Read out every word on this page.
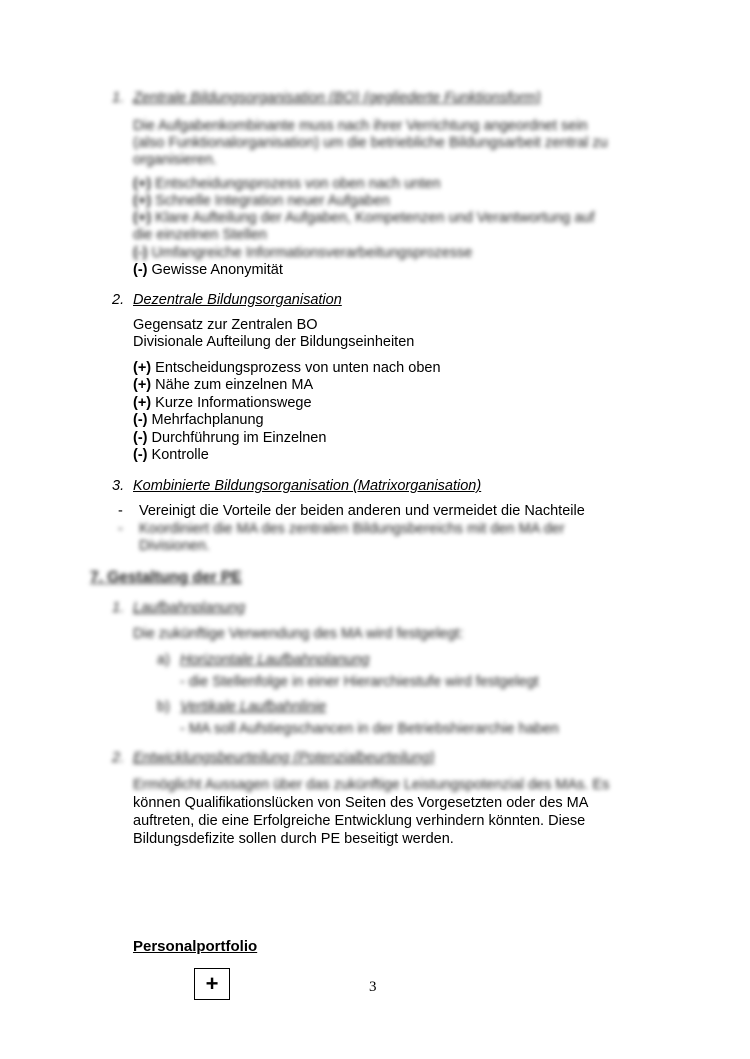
1. Zentrale Bildungsorganisation (BO) (gegliederte Funktionsform)
Die Aufgabenkombinante muss nach ihrer Verrichtung angeordnet sein
(also Funktionalorganisation) um die betriebliche Bildungsarbeit zentral zu
organisieren.
(+) Entscheidungsprozess von oben nach unten
(+) Schnelle Integration neuer Aufgaben
(+) Klare Aufteilung der Aufgaben, Kompetenzen und Verantwortung auf
die einzelnen Stellen
(-) Umfangreiche Informationsverarbeitungsprozesse
(-) Gewisse Anonymität
2. Dezentrale Bildungsorganisation
Gegensatz zur Zentralen BO
Divisionale Aufteilung der Bildungseinheiten
(+) Entscheidungsprozess von unten nach oben
(+) Nähe zum einzelnen MA
(+) Kurze Informationswege
(-) Mehrfachplanung
(-) Durchführung im Einzelnen
(-) Kontrolle
3. Kombinierte Bildungsorganisation (Matrixorganisation)
- Vereinigt die Vorteile der beiden anderen und vermeidet die Nachteile
- Koordiniert die MA des zentralen Bildungsbereichs mit den MA der
Divisionen.
7. Gestaltung der PE
1. Laufbahnplanung
Die zukünftige Verwendung des MA wird festgelegt:
a) Horizontale Laufbahnplanung
- die Stellenfolge in einer Hierarchiestufe wird festgelegt
b) Vertikale Laufbahnlinie
- MA soll Aufstiegschancen in der Betriebshierarchie haben
2. Entwicklungsbeurteilung (Potenzialbeurteilung)
Ermöglicht Aussagen über das zukünftige Leistungspotenzial des MAs. Es
können Qualifikationslücken von Seiten des Vorgesetzten oder des MA
auftreten, die eine Erfolgreiche Entwicklung verhindern könnten. Diese
Bildungsdefizite sollen durch PE beseitigt werden.
Personalportfolio
+	3
